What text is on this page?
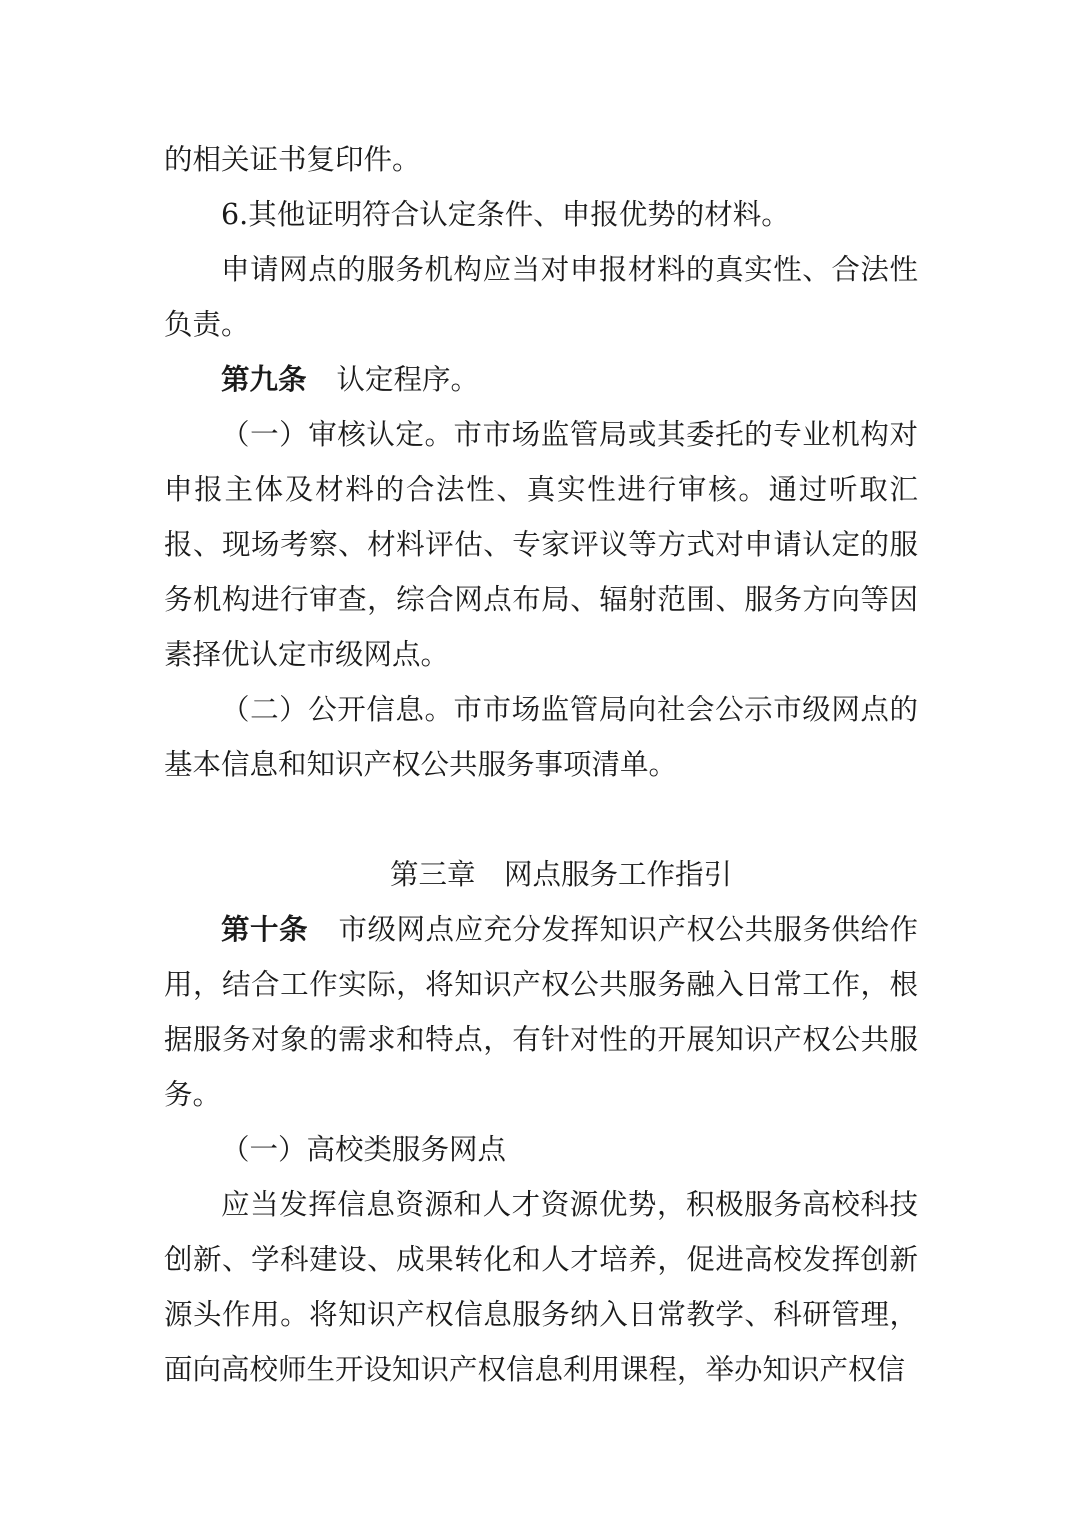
的相关证书复印件。

6.其他证明符合认定条件、申报优势的材料。

申请网点的服务机构应当对申报材料的真实性、合法性负责。

第九条 认定程序。

（一）审核认定。市市场监管局或其委托的专业机构对申报主体及材料的合法性、真实性进行审核。通过听取汇报、现场考察、材料评估、专家评议等方式对申请认定的服务机构进行审查，综合网点布局、辐射范围、服务方向等因素择优认定市级网点。

（二）公开信息。市市场监管局向社会公示市级网点的基本信息和知识产权公共服务事项清单。

第三章　网点服务工作指引

第十条 市级网点应充分发挥知识产权公共服务供给作用，结合工作实际，将知识产权公共服务融入日常工作，根据服务对象的需求和特点，有针对性的开展知识产权公共服务。

（一）高校类服务网点

应当发挥信息资源和人才资源优势，积极服务高校科技创新、学科建设、成果转化和人才培养，促进高校发挥创新源头作用。将知识产权信息服务纳入日常教学、科研管理，面向高校师生开设知识产权信息利用课程，举办知识产权信
